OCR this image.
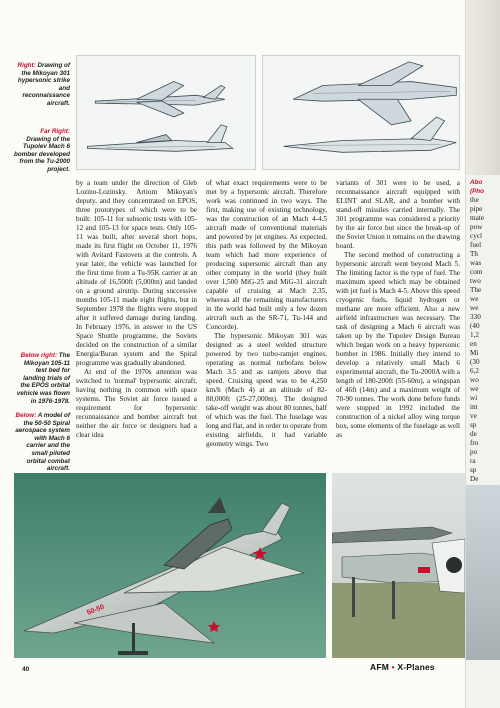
Right: Drawing of the Mikoyan 301 hypersonic strike and reconnaissance aircraft.
Far Right: Drawing of the Tupolev Mach 6 bomber developed from the Tu-2000 project.
Below right: The Mikoyan 105-11 test bed for landing trials of the EPOS orbital vehicle was flown in 1976-1978.
Below: A model of the 50-50 Spiral aerospace system with Mach 6 carrier and the small piloted orbital combat aircraft.

by a team under the direction of Gleb Lozino-Lozinsky. Artiom Mikoyan's deputy, and they concentrated on EPOS, three prototypes of which were to be built: 105-11 for subsonic tests with 105-12 and 105-13 for space tests. Only 105-11 was built, after several short hops, made its first flight on October 11, 1976 with Avitard Fastovets at the controls. A year later, the vehicle was launched for the first time from a Tu-95K carrier at an altitude of 16,500ft (5,000m) and landed on a ground airstrip. During successive months 105-11 made eight flights, but in September 1978 the flights were stopped after it suffered damage during landing. In February 1976, in answer to the US Space Shuttle programme, the Soviets decided on the construction of a similar Energia/Buran system and the Spiral programme was gradually abandoned.

At end of the 1970s attention was switched to 'normal' hypersonic aircraft, having nothing in common with space systems. The Soviet air force issued a requirement for hypersonic reconnaissance and bomber aircraft but neither the air force or designers had a clear idea

of what exact requirements were to be met by a hypersonic aircraft. Therefore work was continued in two ways. The first, making use of existing technology, was the construction of an Mach 4-4.5 aircraft made of conventional materials and powered by jet engines. As expected, this path was followed by the Mikoyan team which had more experience of producing supersonic aircraft than any other company in the world (they built over 1,500 MiG-25 and MiG-31 aircraft capable of cruising at Mach 2.35, whereas all the remaining manufacturers in the world had built only a few dozen aircraft such as the SR-71, Tu-144 and Concorde).

The hypersonic Mikoyan 301 was designed as a steel welded structure powered by two turbo-ramjet engines, operating as normal turbofans below Mach 3.5 and as ramjets above that speed. Cruising speed was to be 4,250 km/h (Mach 4) at an altitude of 82-88,000ft (25-27,000m). The designed take-off weight was about 80 tonnes, half of which was the fuel. The fuselage was long and flat, and in order to operate from existing airfields, it had variable geometry wings. Two

variants of 301 were to be used, a reconnaissance aircraft equipped with ELINT and SLAR, and a bomber with stand-off missiles carried internally. The 301 programme was considered a priority by the air force but since the break-up of the Soviet Union it remains on the drawing board.

The second method of constructing a hypersonic aircraft went beyond Mach 5. The limiting factor is the type of fuel. The maximum speed which may be obtained with jet fuel is Mach 4-5. Above this speed cryogenic fuels, liquid hydrogen or methane are more efficient. Also a new airfield infrastructure was necessary. The task of designing a Mach 6 aircraft was taken up by the Tupolev Design Bureau which began work on a heavy hypersonic bomber in 1986. Initially they intend to develop a relatively small Mach 6 experimental aircraft, the Tu-2000A with a length of 180-200ft (55-60m), a wingspan of 46ft (14m) and a maximum weight of 70-90 tonnes. The work done before funds were stopped in 1992 included the construction of a nickel alloy wing torque box, some elements of the fuselage as well as

50-50
40	AFM • X-Planes
Abo
(Pho
the
pipe
mate
pow
cycl
fuel
Th
was
com
two
The
we
we
330
(40
1,2
en
Mi
(30
6,2
wo
we
wi
int
ve
sp
de
fro
po
ra
sp
De
